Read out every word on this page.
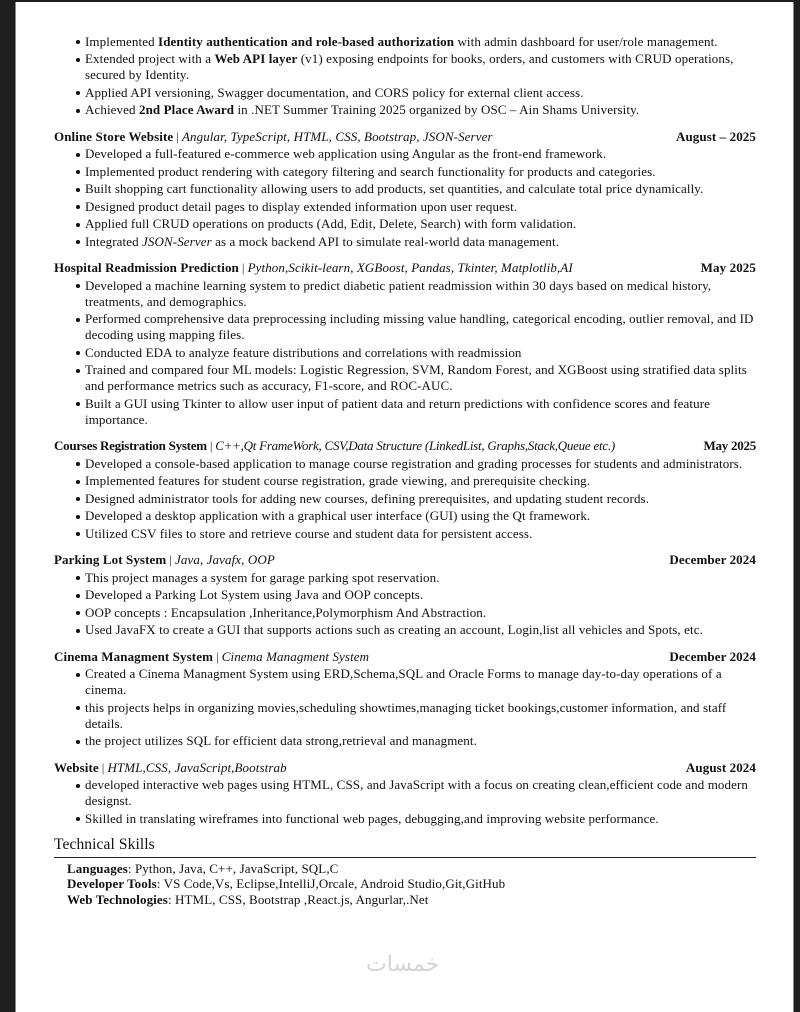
Implemented Identity authentication and role-based authorization with admin dashboard for user/role management.
Extended project with a Web API layer (v1) exposing endpoints for books, orders, and customers with CRUD operations, secured by Identity.
Applied API versioning, Swagger documentation, and CORS policy for external client access.
Achieved 2nd Place Award in .NET Summer Training 2025 organized by OSC – Ain Shams University.
Online Store Website | Angular, TypeScript, HTML, CSS, Bootstrap, JSON-Server	August – 2025
Developed a full-featured e-commerce web application using Angular as the front-end framework.
Implemented product rendering with category filtering and search functionality for products and categories.
Built shopping cart functionality allowing users to add products, set quantities, and calculate total price dynamically.
Designed product detail pages to display extended information upon user request.
Applied full CRUD operations on products (Add, Edit, Delete, Search) with form validation.
Integrated JSON-Server as a mock backend API to simulate real-world data management.
Hospital Readmission Prediction | Python,Scikit-learn, XGBoost, Pandas, Tkinter, Matplotlib,AI	May 2025
Developed a machine learning system to predict diabetic patient readmission within 30 days based on medical history, treatments, and demographics.
Performed comprehensive data preprocessing including missing value handling, categorical encoding, outlier removal, and ID decoding using mapping files.
Conducted EDA to analyze feature distributions and correlations with readmission
Trained and compared four ML models: Logistic Regression, SVM, Random Forest, and XGBoost using stratified data splits and performance metrics such as accuracy, F1-score, and ROC-AUC.
Built a GUI using Tkinter to allow user input of patient data and return predictions with confidence scores and feature importance.
Courses Registration System | C++,Qt FrameWork, CSV,Data Structure (LinkedList, Graphs,Stack,Queue etc.)	May 2025
Developed a console-based application to manage course registration and grading processes for students and administrators.
Implemented features for student course registration, grade viewing, and prerequisite checking.
Designed administrator tools for adding new courses, defining prerequisites, and updating student records.
Developed a desktop application with a graphical user interface (GUI) using the Qt framework.
Utilized CSV files to store and retrieve course and student data for persistent access.
Parking Lot System | Java, Javafx, OOP	December 2024
This project manages a system for garage parking spot reservation.
Developed a Parking Lot System using Java and OOP concepts.
OOP concepts : Encapsulation ,Inheritance,Polymorphism And Abstraction.
Used JavaFX to create a GUI that supports actions such as creating an account, Login,list all vehicles and Spots, etc.
Cinema Managment System | Cinema Managment System	December 2024
Created a Cinema Managment System using ERD,Schema,SQL and Oracle Forms to manage day-to-day operations of a cinema.
this projects helps in organizing movies,scheduling showtimes,managing ticket bookings,customer information, and staff details.
the project utilizes SQL for efficient data strong,retrieval and managment.
Website | HTML,CSS, JavaScript,Bootstrab	August 2024
developed interactive web pages using HTML, CSS, and JavaScript with a focus on creating clean,efficient code and modern designst.
Skilled in translating wireframes into functional web pages, debugging,and improving website performance.
Technical Skills
Languages: Python, Java, C++, JavaScript, SQL,C
Developer Tools: VS Code,Vs, Eclipse,IntelliJ,Orcale, Android Studio,Git,GitHub
Web Technologies: HTML, CSS, Bootstrap ,React.js, Angurlar,.Net
خمسات
